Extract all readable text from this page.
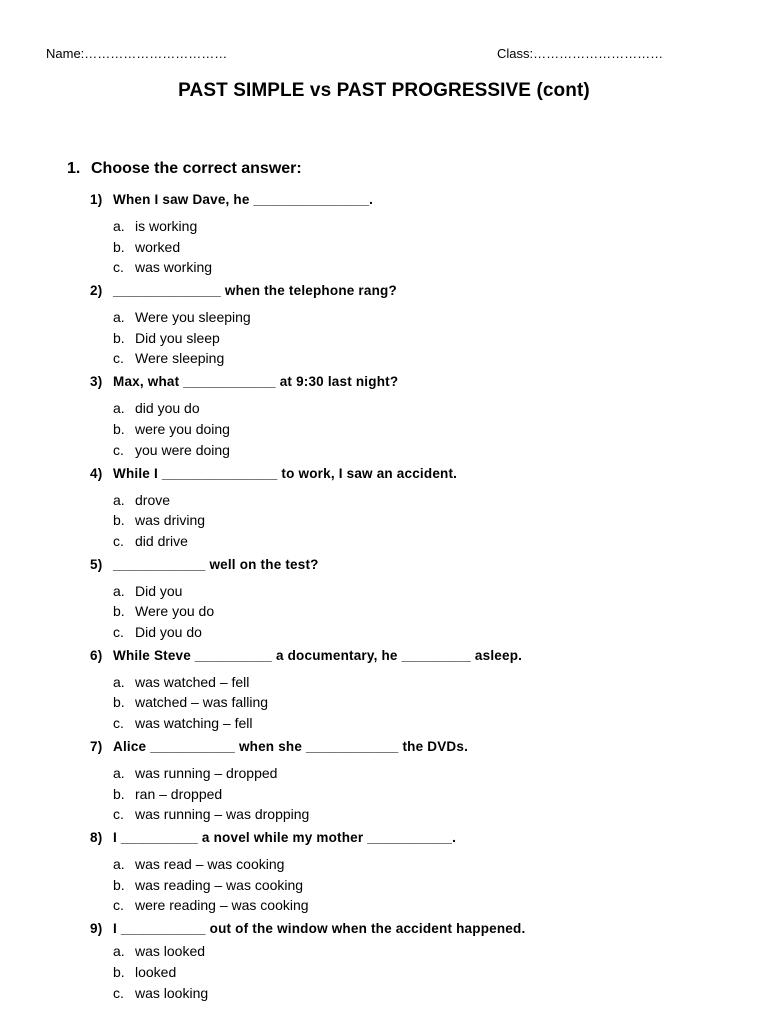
Name:……………………………	Class:…………………………
PAST SIMPLE vs PAST PROGRESSIVE (cont)
1. Choose the correct answer:
1) When I saw Dave, he _______________.
a. is working
b. worked
c. was working
2) ______________ when the telephone rang?
a. Were you sleeping
b. Did you sleep
c. Were sleeping
3) Max, what ____________ at 9:30 last night?
a. did you do
b. were you doing
c. you were doing
4) While I _______________ to work, I saw an accident.
a. drove
b. was driving
c. did drive
5) ____________ well on the test?
a. Did you
b. Were you do
c. Did you do
6) While Steve __________ a documentary, he _________ asleep.
a. was watched – fell
b. watched – was falling
c. was watching – fell
7) Alice ___________ when she ____________ the DVDs.
a. was running – dropped
b. ran – dropped
c. was running – was dropping
8) I __________ a novel while my mother ___________.
a. was read – was cooking
b. was reading – was cooking
c. were reading – was cooking
9) I ___________ out of the window when the accident happened.
a. was looked
b. looked
c. was looking
